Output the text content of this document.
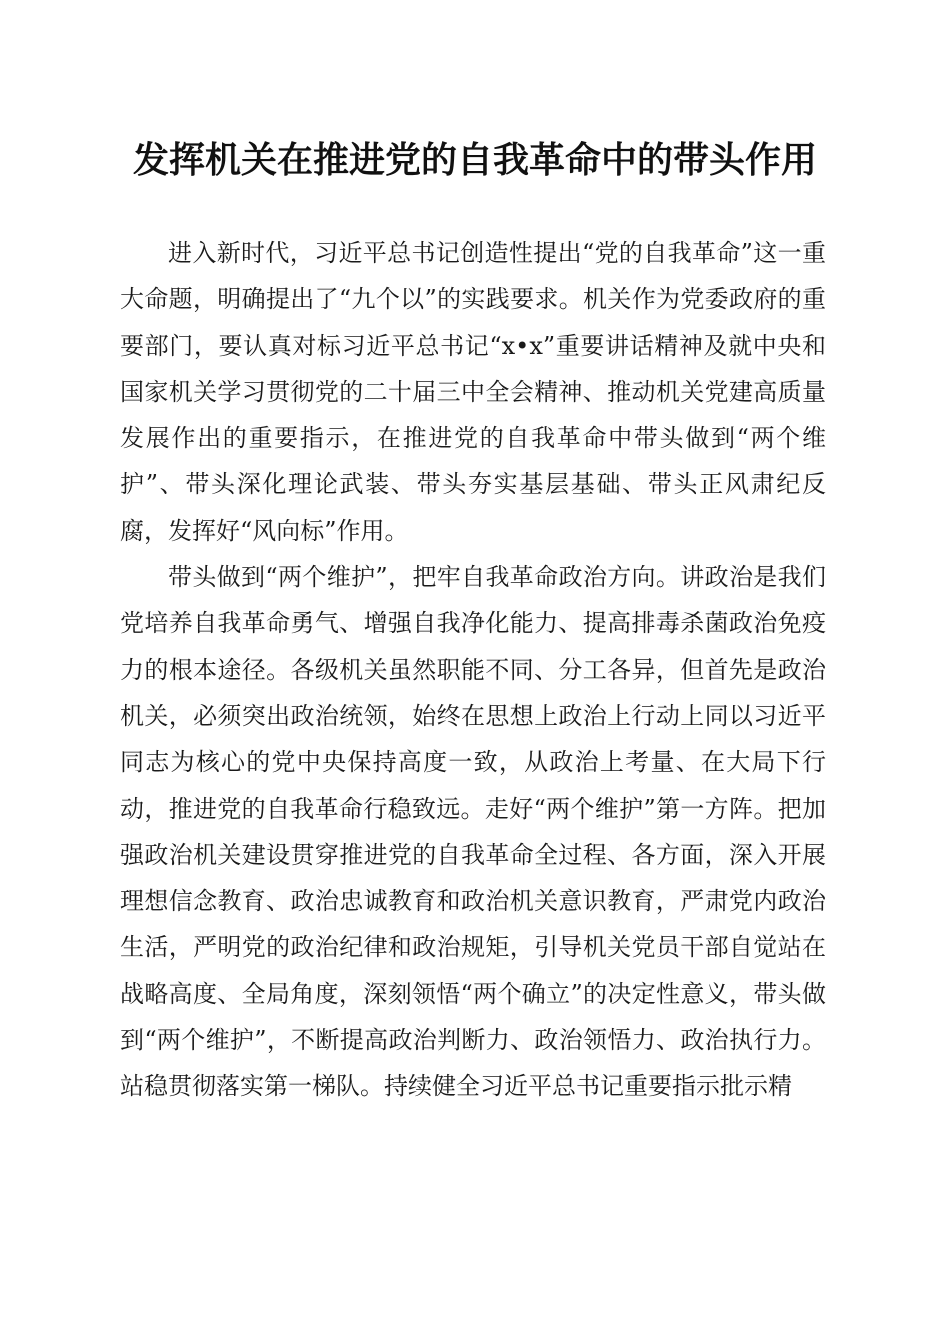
发挥机关在推进党的自我革命中的带头作用

进入新时代，习近平总书记创造性提出“党的自我革命”这一重大命题，明确提出了“九个以”的实践要求。机关作为党委政府的重要部门，要认真对标习近平总书记“x•x”重要讲话精神及就中央和国家机关学习贯彻党的二十届三中全会精神、推动机关党建高质量发展作出的重要指示，在推进党的自我革命中带头做到“两个维护”、带头深化理论武装、带头夯实基层基础、带头正风肃纪反腐，发挥好“风向标”作用。

带头做到“两个维护”，把牢自我革命政治方向。讲政治是我们党培养自我革命勇气、增强自我净化能力、提高排毒杀菌政治免疫力的根本途径。各级机关虽然职能不同、分工各异，但首先是政治机关，必须突出政治统领，始终在思想上政治上行动上同以习近平同志为核心的党中央保持高度一致，从政治上考量、在大局下行动，推进党的自我革命行稳致远。走好“两个维护”第一方阵。把加强政治机关建设贯穿推进党的自我革命全过程、各方面，深入开展理想信念教育、政治忠诚教育和政治机关意识教育，严肃党内政治生活，严明党的政治纪律和政治规矩，引导机关党员干部自觉站在战略高度、全局角度，深刻领悟“两个确立”的决定性意义，带头做到“两个维护”，不断提高政治判断力、政治领悟力、政治执行力。站稳贯彻落实第一梯队。持续健全习近平总书记重要指示批示精
